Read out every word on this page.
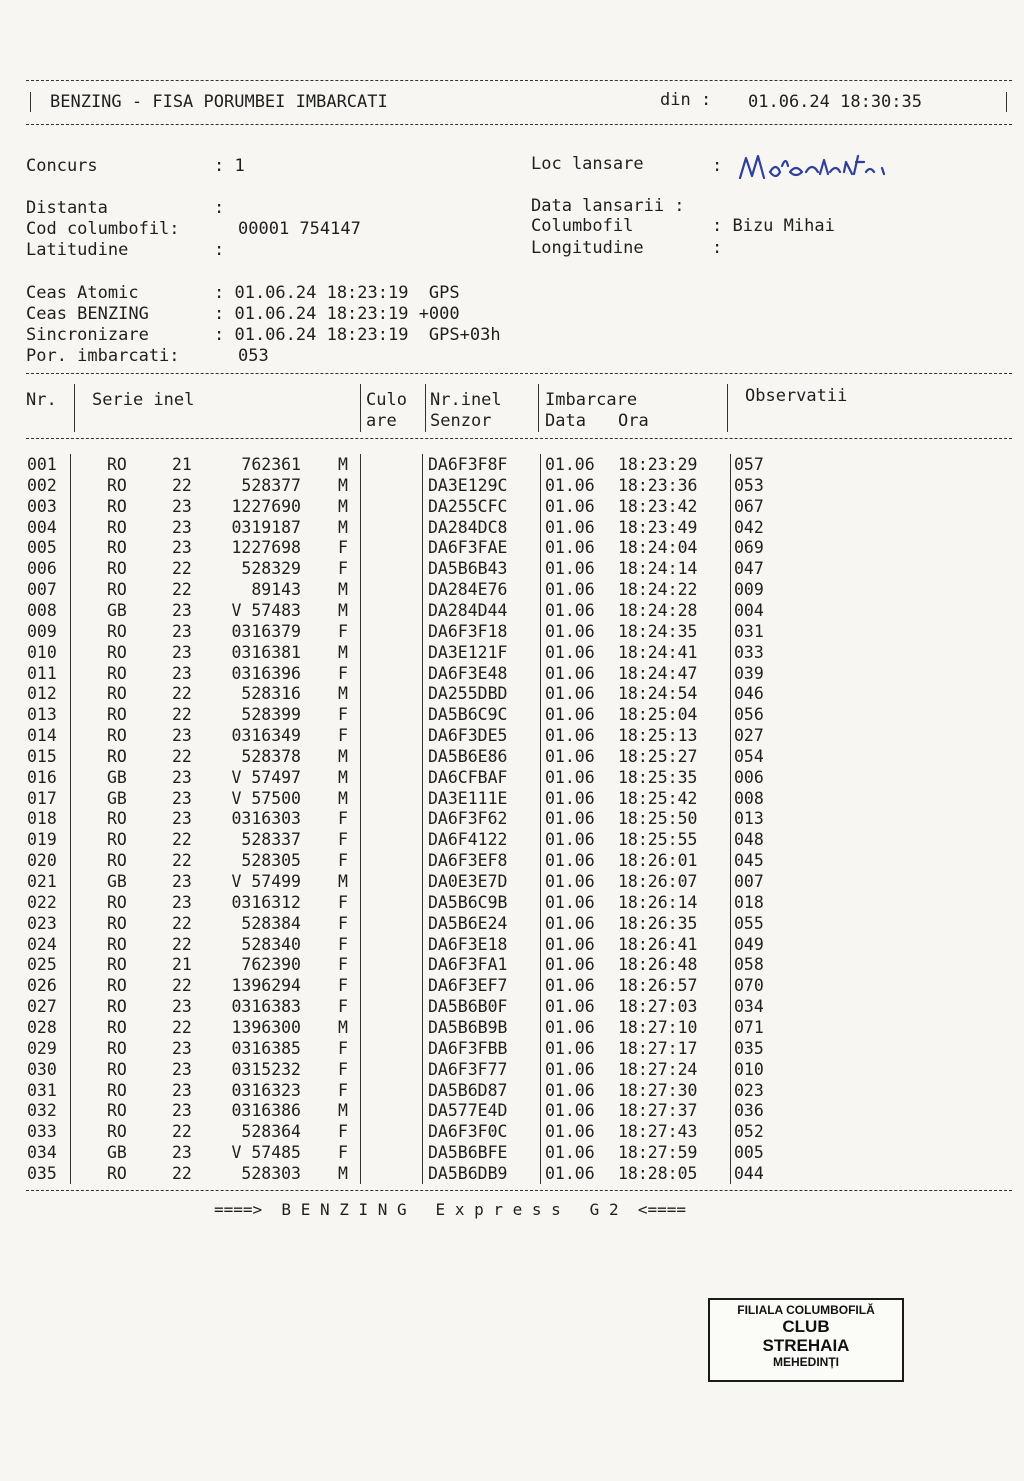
BENZING - FISA PORUMBEI IMBARCATI	din : 01.06.24 18:30:35
Concurs	: 1	Loc lansare	:
Distanta	:	Data lansarii :
Cod columbofil:	00001 754147	Columbofil	: Bizu Mihai
Latitudine	:	Longitudine	:
Ceas Atomic	: 01.06.24 18:23:19  GPS
Ceas BENZING	: 01.06.24 18:23:19 +000
Sincronizare	: 01.06.24 18:23:19  GPS+03h
Por. imbarcati:	053
Nr. Serie inel	Culo
are
Nr.inel
Senzor
Imbarcare
Data Ora
Observatii
001	RO	21	762361 M	DA6F3F8F 01.06 18:23:29 057
002	RO	22	528377 M	DA3E129C 01.06 18:23:36 053
003	RO	23	1227690 M	DA255CFC 01.06 18:23:42 067
004	RO	23	0319187 M	DA284DC8 01.06 18:23:49 042
005	RO	23	1227698 F	DA6F3FAE 01.06 18:24:04 069
006	RO	22	528329 F	DA5B6B43 01.06 18:24:14 047
007	RO	22	89143 M	DA284E76 01.06 18:24:22 009
008	GB	23	V 57483 M	DA284D44 01.06 18:24:28 004
009	RO	23	0316379 F	DA6F3F18 01.06 18:24:35 031
010	RO	23	0316381 M	DA3E121F 01.06 18:24:41 033
011	RO	23	0316396 F	DA6F3E48 01.06 18:24:47 039
012	RO	22	528316 M	DA255DBD 01.06 18:24:54 046
013	RO	22	528399 F	DA5B6C9C 01.06 18:25:04 056
014	RO	23	0316349 F	DA6F3DE5 01.06 18:25:13 027
015	RO	22	528378 M	DA5B6E86 01.06 18:25:27 054
016	GB	23	V 57497 M	DA6CFBAF 01.06 18:25:35 006
017	GB	23	V 57500 M	DA3E111E 01.06 18:25:42 008
018	RO	23	0316303 F	DA6F3F62 01.06 18:25:50 013
019	RO	22	528337 F	DA6F4122 01.06 18:25:55 048
020	RO	22	528305 F	DA6F3EF8 01.06 18:26:01 045
021	GB	23	V 57499 M	DA0E3E7D 01.06 18:26:07 007
022	RO	23	0316312 F	DA5B6C9B 01.06 18:26:14 018
023	RO	22	528384 F	DA5B6E24 01.06 18:26:35 055
024	RO	22	528340 F	DA6F3E18 01.06 18:26:41 049
025	RO	21	762390 F	DA6F3FA1 01.06 18:26:48 058
026	RO	22	1396294 F	DA6F3EF7 01.06 18:26:57 070
027	RO	23	0316383 F	DA5B6B0F 01.06 18:27:03 034
028	RO	22	1396300 M	DA5B6B9B 01.06 18:27:10 071
029	RO	23	0316385 F	DA6F3FBB 01.06 18:27:17 035
030	RO	23	0315232 F	DA6F3F77 01.06 18:27:24 010
031	RO	23	0316323 F	DA5B6D87 01.06 18:27:30 023
032	RO	23	0316386 M	DA577E4D 01.06 18:27:37 036
033	RO	22	528364 F	DA6F3F0C 01.06 18:27:43 052
034	GB	23	V 57485 F	DA5B6BFE 01.06 18:27:59 005
035	RO	22	528303 M	DA5B6DB9 01.06 18:28:05 044
====>  B E N Z I N G   E x p r e s s   G 2  <====
FILIALA COLUMBOFILĂ
CLUB
STREHAIA
MEHEDINȚI
